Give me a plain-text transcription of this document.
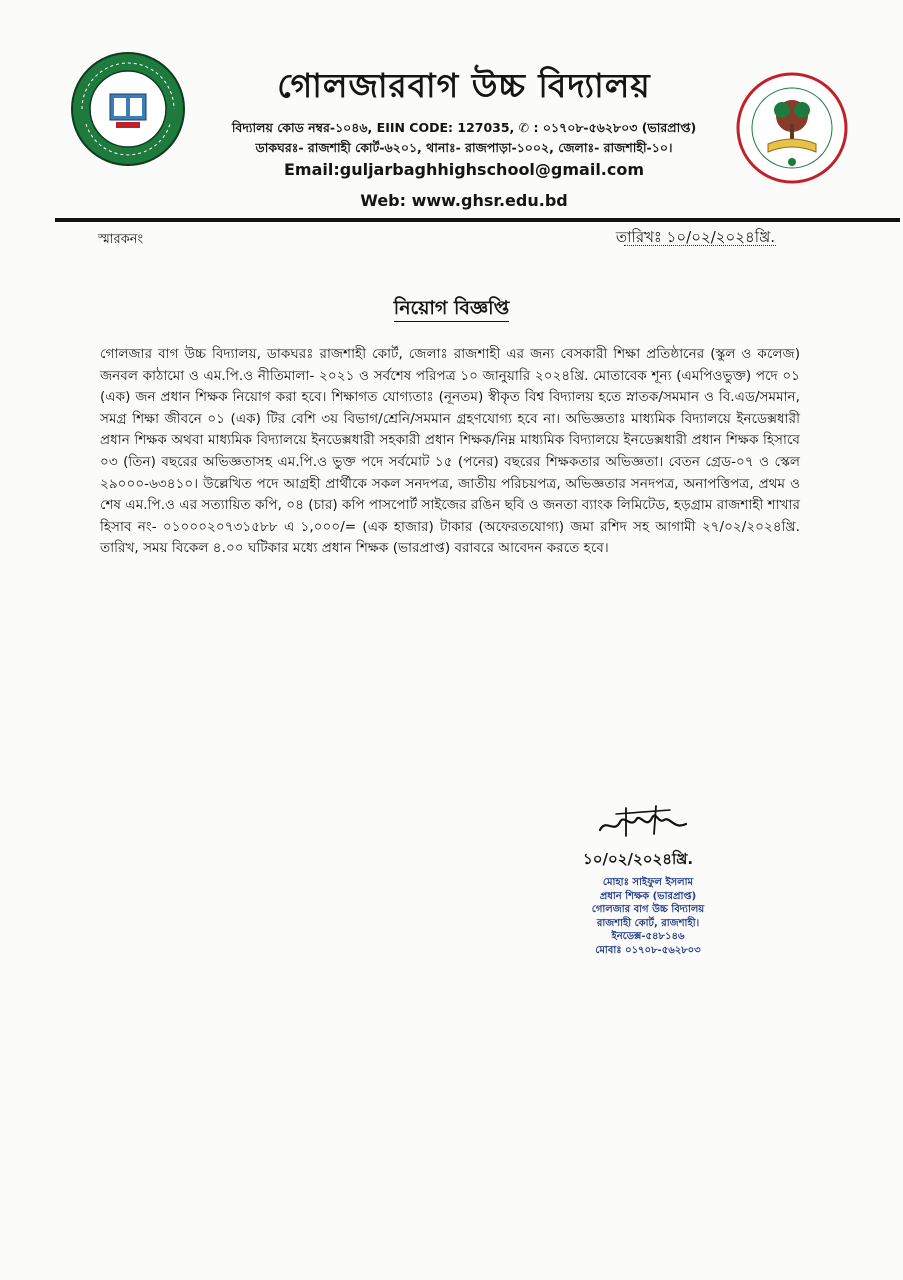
গোলজারবাগ উচ্চ বিদ্যালয়
বিদ্যালয় কোড নম্বর-১০৪৬, EIIN CODE: 127035, ✆ : ০১৭০৮-৫৬২৮০৩ (ভারপ্রাপ্ত)
ডাকঘরঃ- রাজশাহী কোর্ট-৬২০১, থানাঃ- রাজপাড়া-১০০২, জেলাঃ- রাজশাহী-১০।
Email:guljarbaghhighschool@gmail.com
Web: www.ghsr.edu.bd
স্মারকনং	তারিখঃ ১০/০২/২০২৪খ্রি.
নিয়োগ বিজ্ঞপ্তি

গোলজার বাগ উচ্চ বিদ্যালয়, ডাকঘরঃ রাজশাহী কোর্ট, জেলাঃ রাজশাহী এর জন্য বেসকারী শিক্ষা প্রতিষ্ঠানের (স্কুল ও কলেজ) জনবল কাঠামো ও এম.পি.ও নীতিমালা- ২০২১ ও সর্বশেষ পরিপত্র ১০ জানুয়ারি ২০২৪খ্রি. মোতাবেক শূন্য (এমপিওভুক্ত) পদে ০১ (এক) জন প্রধান শিক্ষক নিয়োগ করা হবে। শিক্ষাগত যোগ্যতাঃ (নূনতম) স্বীকৃত বিশ্ব বিদ্যালয় হতে স্নাতক/সমমান ও বি.এড/সমমান, সমগ্র শিক্ষা জীবনে ০১ (এক) টির বেশি ৩য় বিভাগ/শ্রেনি/সমমান গ্রহণযোগ্য হবে না। অভিজ্ঞতাঃ মাধ্যমিক বিদ্যালয়ে ইনডেক্সধারী প্রধান শিক্ষক অথবা মাধ্যমিক বিদ্যালয়ে ইনডেক্সধারী সহকারী প্রধান শিক্ষক/নিম্ন মাধ্যমিক বিদ্যালয়ে ইনডেক্সধারী প্রধান শিক্ষক হিসাবে ০৩ (তিন) বছরের অভিজ্ঞতাসহ এম.পি.ও ভুক্ত পদে সর্বমোট ১৫ (পনের) বছরের শিক্ষকতার অভিজ্ঞতা। বেতন গ্রেড-০৭ ও স্কেল ২৯০০০-৬৩৪১০। উল্লেখিত পদে আগ্রহী প্রার্থীকে সকল সনদপত্র, জাতীয় পরিচয়পত্র, অভিজ্ঞতার সনদপত্র, অনাপত্তিপত্র, প্রথম ও শেষ এম.পি.ও এর সত্যায়িত কপি, ০৪ (চার) কপি পাসপোর্ট সাইজের রঙিন ছবি ও জনতা ব্যাংক লিমিটেড, হড়গ্রাম রাজশাহী শাখার হিসাব নং- ০১০০০২০৭৩১৫৮৮ এ ১,০০০/= (এক হাজার) টাকার (অফেরতযোগ্য) জমা রশিদ সহ আগামী ২৭/০২/২০২৪খ্রি. তারিখ, সময় বিকেল ৪.০০ ঘটিকার মধ্যে প্রধান শিক্ষক (ভারপ্রাপ্ত) বরাবরে আবেদন করতে হবে।

১০/০২/২০২৪খ্রি.
মোহাঃ সাইফুল ইসলাম
প্রধান শিক্ষক (ভারপ্রাপ্ত)
গোলজার বাগ উচ্চ বিদ্যালয়
রাজশাহী কোর্ট, রাজশাহী।
ইনডেক্স-৫৪৮১৪৬
মোবাঃ ০১৭০৮-৫৬২৮০৩
